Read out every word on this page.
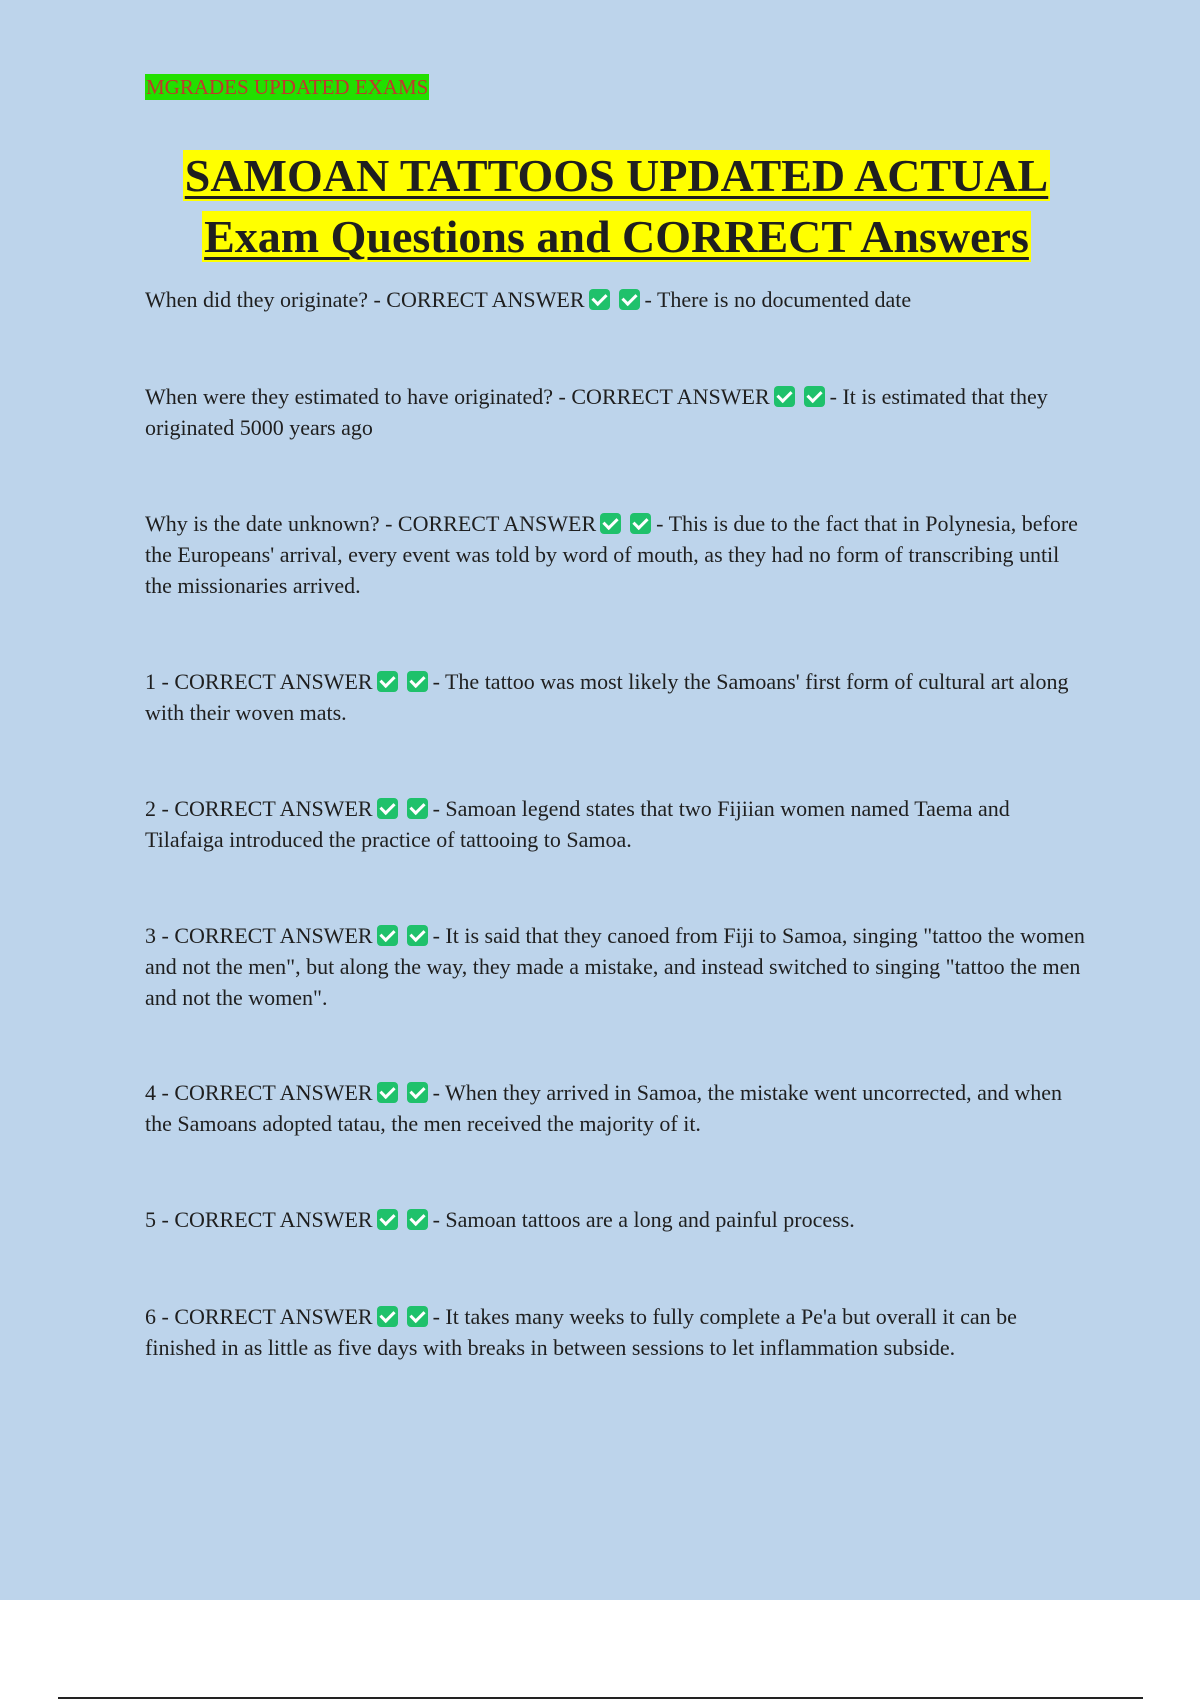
MGRADES UPDATED EXAMS
SAMOAN TATTOOS UPDATED ACTUAL
Exam Questions and CORRECT Answers
When did they originate? - CORRECT ANSWER	- There is no documented date
When were they estimated to have originated? - CORRECT ANSWER	- It is estimated that they originated 5000 years ago
Why is the date unknown? - CORRECT ANSWER	- This is due to the fact that in Polynesia, before the Europeans' arrival, every event was told by word of mouth, as they had no form of transcribing until the missionaries arrived.
1 - CORRECT ANSWER	- The tattoo was most likely the Samoans' first form of cultural art along with their woven mats.
2 - CORRECT ANSWER	- Samoan legend states that two Fijiian women named Taema and Tilafaiga introduced the practice of tattooing to Samoa.
3 - CORRECT ANSWER	- It is said that they canoed from Fiji to Samoa, singing "tattoo the women and not the men", but along the way, they made a mistake, and instead switched to singing "tattoo the men and not the women".
4 - CORRECT ANSWER	- When they arrived in Samoa, the mistake went uncorrected, and when the Samoans adopted tatau, the men received the majority of it.
5 - CORRECT ANSWER	- Samoan tattoos are a long and painful process.
6 - CORRECT ANSWER	- It takes many weeks to fully complete a Pe'a but overall it can be finished in as little as five days with breaks in between sessions to let inflammation subside.
